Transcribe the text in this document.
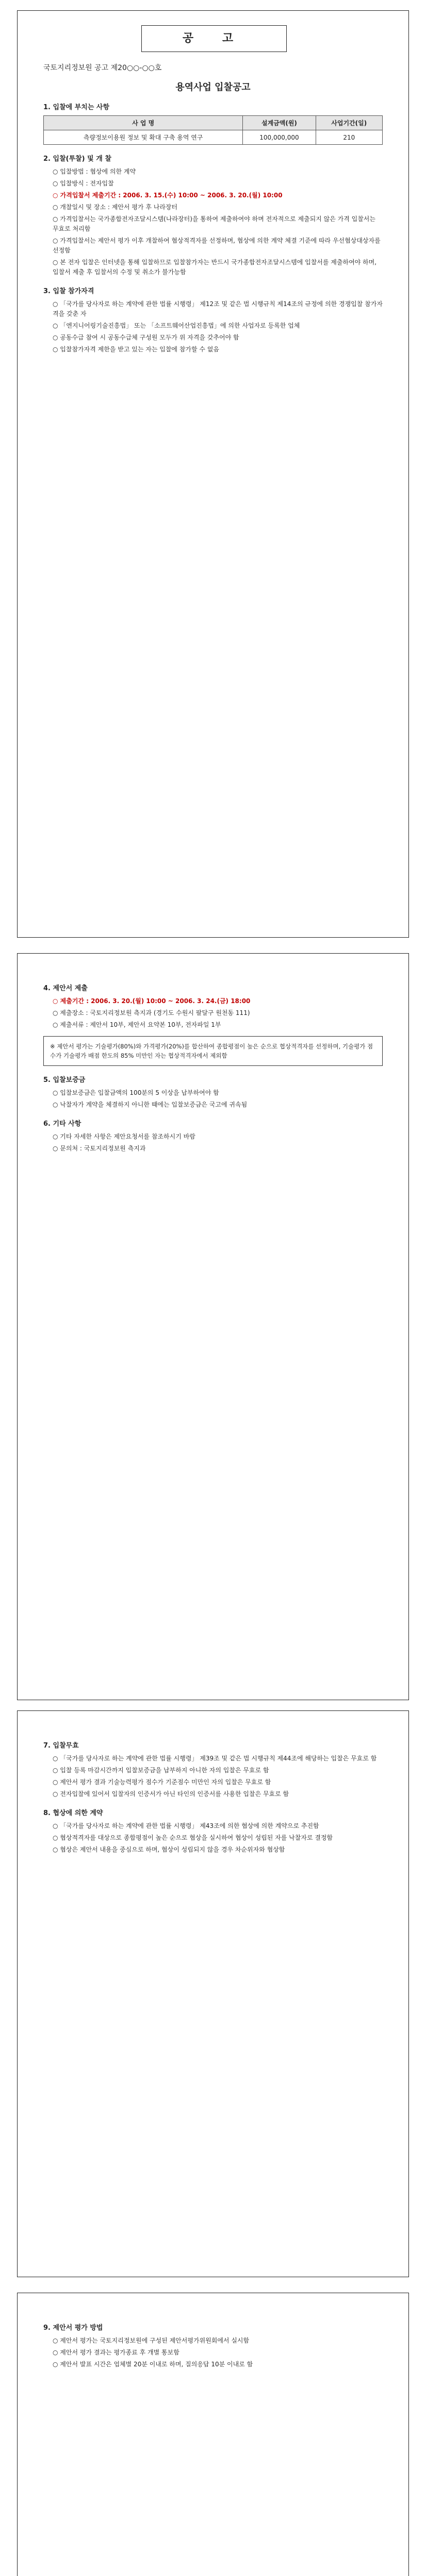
공 고

국토지리정보원 공고 제20○○-○○호

용역사업 입찰공고
1. 입찰에 부치는 사항
사 업 명	설계금액(원)	사업기간(일)
측량정보이용원 정보 및 확대 구축 용역 연구	100,000,000	210
2. 입찰(투찰) 및 개 찰

○ 입찰방법 : 협상에 의한 계약

○ 입찰방식 : 전자입찰

○ 가격입찰서 제출기간 : 2006. 3. 15.(수) 10:00 ~ 2006. 3. 20.(월) 10:00

○ 개찰일시 및 장소 : 제안서 평가 후 나라장터

○ 가격입찰서는 국가종합전자조달시스템(나라장터)을 통하여 제출하여야 하며 전자적으로 제출되지 않은 가격 입찰서는 무효로 처리함

○ 가격입찰서는 제안서 평가 이후 개찰하여 협상적격자를 선정하며, 협상에 의한 계약 체결 기준에 따라 우선협상대상자를 선정함

○ 본 전자 입찰은 인터넷을 통해 입찰하므로 입찰참가자는 반드시 국가종합전자조달시스템에 입찰서를 제출하여야 하며, 입찰서 제출 후 입찰서의 수정 및 취소가 불가능함

3. 입찰 참가자격

○ 「국가를 당사자로 하는 계약에 관한 법률 시행령」 제12조 및 같은 법 시행규칙 제14조의 규정에 의한 경쟁입찰 참가자격을 갖춘 자

○ 「엔지니어링기술진흥법」 또는 「소프트웨어산업진흥법」에 의한 사업자로 등록한 업체

○ 공동수급 참여 시 공동수급체 구성원 모두가 위 자격을 갖추어야 함

○ 입찰참가자격 제한을 받고 있는 자는 입찰에 참가할 수 없음

4. 제안서 제출

○ 제출기간 : 2006. 3. 20.(월) 10:00 ~ 2006. 3. 24.(금) 18:00

○ 제출장소 : 국토지리정보원 측지과 (경기도 수원시 팔달구 원천동 111)

○ 제출서류 : 제안서 10부, 제안서 요약본 10부, 전자파일 1부

※ 제안서 평가는 기술평가(80%)와 가격평가(20%)를 합산하여 종합평점이 높은 순으로 협상적격자를 선정하며, 기술평가 점수가 기술평가 배점 한도의 85% 미만인 자는 협상적격자에서 제외함
5. 입찰보증금

○ 입찰보증금은 입찰금액의 100분의 5 이상을 납부하여야 함

○ 낙찰자가 계약을 체결하지 아니한 때에는 입찰보증금은 국고에 귀속됨

6. 기타 사항

○ 기타 자세한 사항은 제안요청서를 참조하시기 바람

○ 문의처 : 국토지리정보원 측지과

7. 입찰무효

○ 「국가를 당사자로 하는 계약에 관한 법률 시행령」 제39조 및 같은 법 시행규칙 제44조에 해당하는 입찰은 무효로 함

○ 입찰 등록 마감시간까지 입찰보증금을 납부하지 아니한 자의 입찰은 무효로 함

○ 제안서 평가 결과 기술능력평가 점수가 기준점수 미만인 자의 입찰은 무효로 함

○ 전자입찰에 있어서 입찰자의 인증서가 아닌 타인의 인증서를 사용한 입찰은 무효로 함

8. 협상에 의한 계약

○ 「국가를 당사자로 하는 계약에 관한 법률 시행령」 제43조에 의한 협상에 의한 계약으로 추진함

○ 협상적격자를 대상으로 종합평점이 높은 순으로 협상을 실시하여 협상이 성립된 자를 낙찰자로 결정함

○ 협상은 제안서 내용을 중심으로 하며, 협상이 성립되지 않을 경우 차순위자와 협상함

9. 제안서 평가 방법

○ 제안서 평가는 국토지리정보원에 구성된 제안서평가위원회에서 실시함

○ 제안서 평가 결과는 평가종료 후 개별 통보함

○ 제안서 발표 시간은 업체별 20분 이내로 하며, 질의응답 10분 이내로 함
